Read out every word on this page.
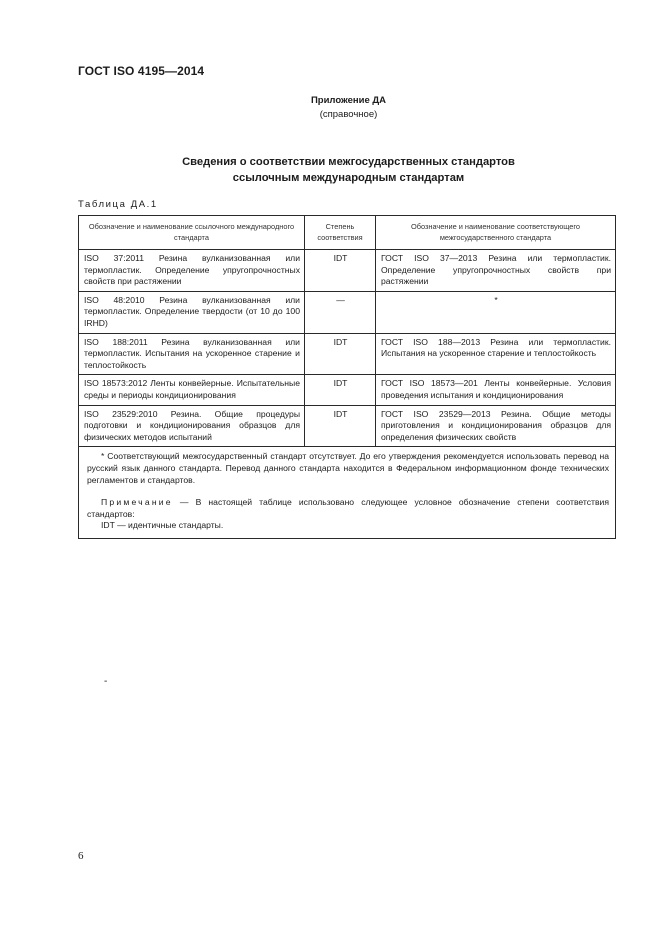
ГОСТ ISO 4195—2014
Приложение ДА
(справочное)
Сведения о соответствии межгосударственных стандартов
ссылочным международным стандартам
Таблица ДА.1
Обозначение и наименование ссылочного международного стандарта	Степень соответствия	Обозначение и наименование соответствующего межгосударственного стандарта
ISO 37:2011 Резина вулканизованная или термопластик. Определение упругопрочностных свойств при растяжении	IDT	ГОСТ ISO 37—2013 Резина или термопластик. Определение упругопрочностных свойств при растяжении
ISO 48:2010 Резина вулканизованная или термопластик. Определение твердости (от 10 до 100 IRHD)	—	*
ISO 188:2011 Резина вулканизованная или термопластик. Испытания на ускоренное старение и теплостойкость	IDT	ГОСТ ISO 188—2013 Резина или термопластик. Испытания на ускоренное старение и теплостойкость
ISO 18573:2012 Ленты конвейерные. Испытательные среды и периоды кондиционирования	IDT	ГОСТ ISO 18573—201 Ленты конвейерные. Условия проведения испытания и кондиционирования
ISO 23529:2010 Резина. Общие процедуры подготовки и кондиционирования образцов для физических методов испытаний	IDT	ГОСТ ISO 23529—2013 Резина. Общие методы приготовления и кондиционирования образцов для определения физических свойств

* Соответствующий межгосударственный стандарт отсутствует. До его утверждения рекомендуется использовать перевод на русский язык данного стандарта. Перевод данного стандарта находится в Федеральном информационном фонде технических регламентов и стандартов.

Примечание — В настоящей таблице использовано следующее условное обозначение степени соответствия стандартов:

IDT — идентичные стандарты.		

-
6
